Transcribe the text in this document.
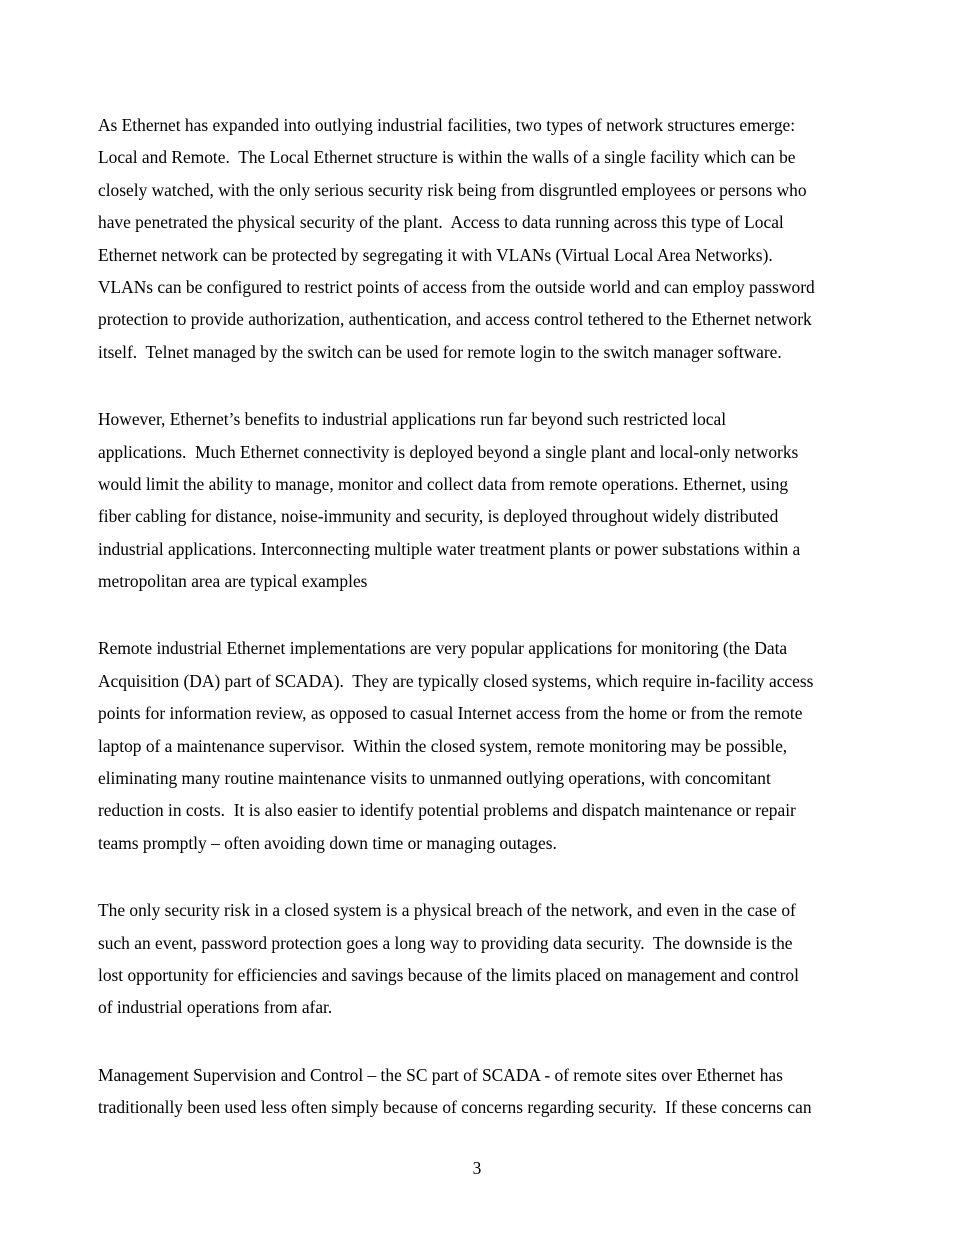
As Ethernet has expanded into outlying industrial facilities, two types of network structures emerge:
Local and Remote.  The Local Ethernet structure is within the walls of a single facility which can be
closely watched, with the only serious security risk being from disgruntled employees or persons who
have penetrated the physical security of the plant.  Access to data running across this type of Local
Ethernet network can be protected by segregating it with VLANs (Virtual Local Area Networks).
VLANs can be configured to restrict points of access from the outside world and can employ password
protection to provide authorization, authentication, and access control tethered to the Ethernet network
itself.  Telnet managed by the switch can be used for remote login to the switch manager software.
However, Ethernet’s benefits to industrial applications run far beyond such restricted local
applications.  Much Ethernet connectivity is deployed beyond a single plant and local-only networks
would limit the ability to manage, monitor and collect data from remote operations. Ethernet, using
fiber cabling for distance, noise-immunity and security, is deployed throughout widely distributed
industrial applications. Interconnecting multiple water treatment plants or power substations within a
metropolitan area are typical examples
Remote industrial Ethernet implementations are very popular applications for monitoring (the Data
Acquisition (DA) part of SCADA).  They are typically closed systems, which require in-facility access
points for information review, as opposed to casual Internet access from the home or from the remote
laptop of a maintenance supervisor.  Within the closed system, remote monitoring may be possible,
eliminating many routine maintenance visits to unmanned outlying operations, with concomitant
reduction in costs.  It is also easier to identify potential problems and dispatch maintenance or repair
teams promptly – often avoiding down time or managing outages.
The only security risk in a closed system is a physical breach of the network, and even in the case of
such an event, password protection goes a long way to providing data security.  The downside is the
lost opportunity for efficiencies and savings because of the limits placed on management and control
of industrial operations from afar.
Management Supervision and Control – the SC part of SCADA - of remote sites over Ethernet has
traditionally been used less often simply because of concerns regarding security.  If these concerns can
3
